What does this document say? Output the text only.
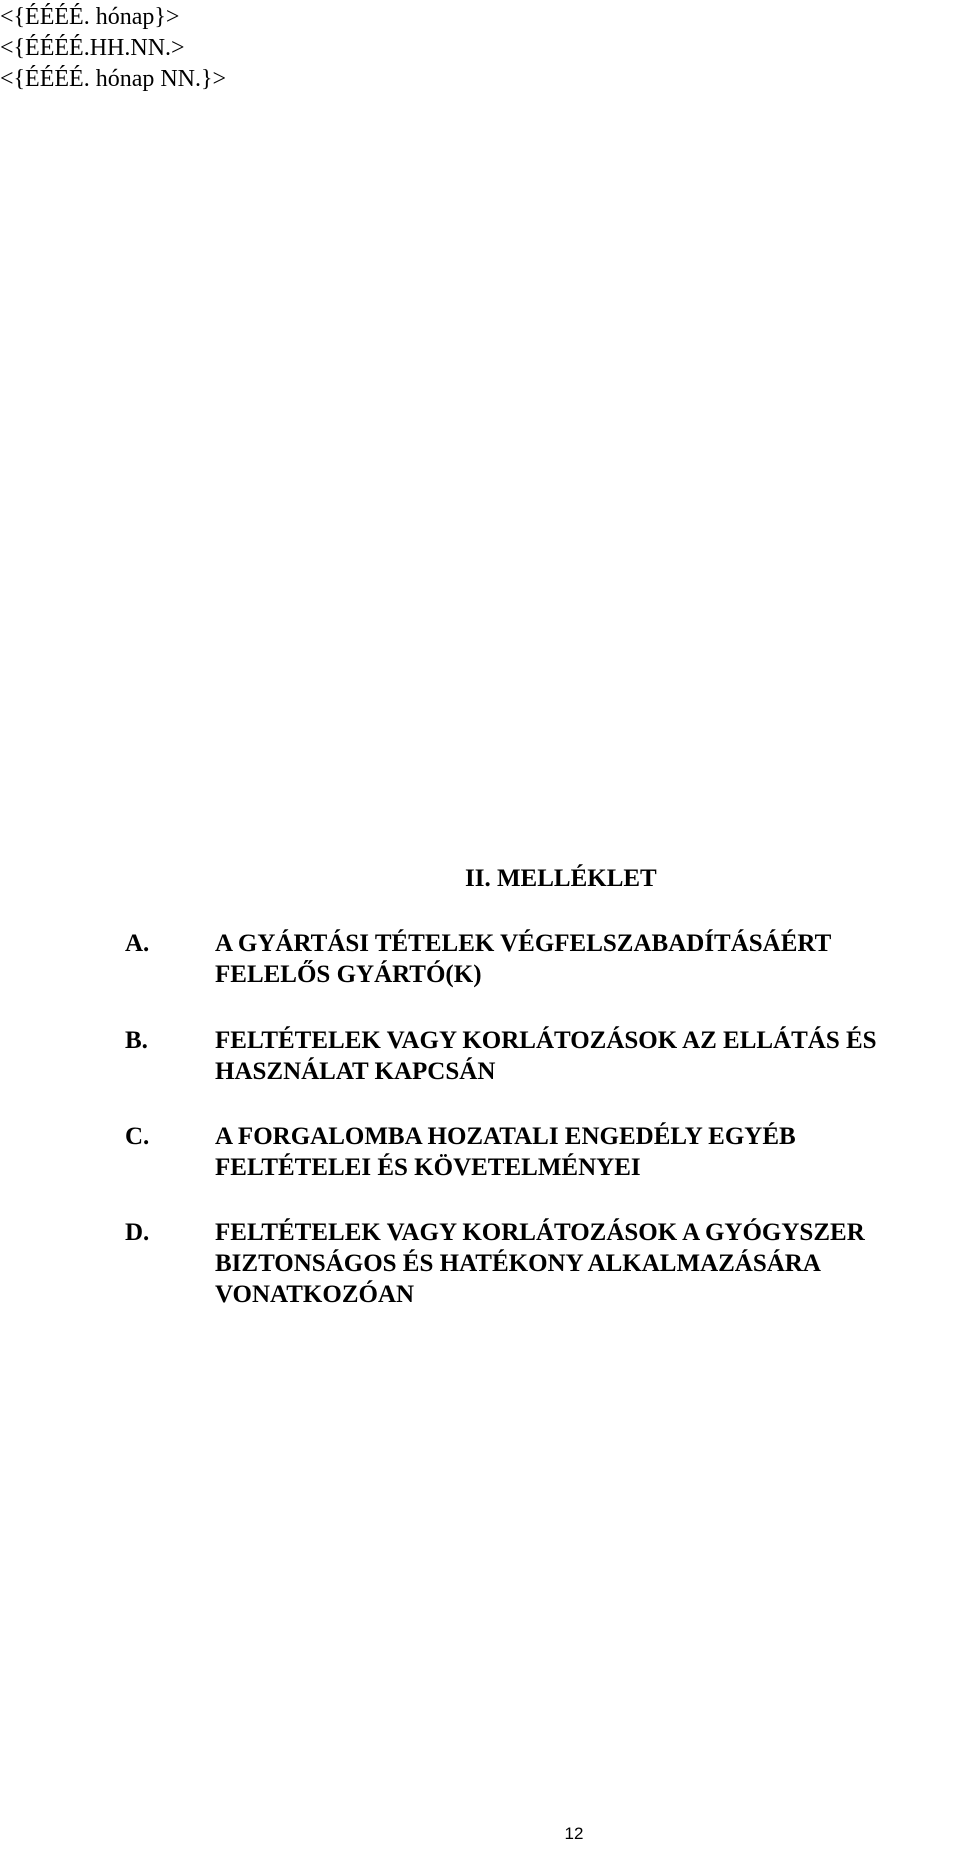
<{ÉÉÉÉ. hónap}>
<{ÉÉÉÉ.HH.NN.>
<{ÉÉÉÉ. hónap NN.}>
II. MELLÉKLET
A.	A GYÁRTÁSI TÉTELEK VÉGFELSZABADÍTÁSÁÉRT
FELELŐS GYÁRTÓ(K)
B.	FELTÉTELEK VAGY KORLÁTOZÁSOK AZ ELLÁTÁS ÉS
HASZNÁLAT KAPCSÁN
C.	A FORGALOMBA HOZATALI ENGEDÉLY EGYÉB
FELTÉTELEI ÉS KÖVETELMÉNYEI
D.	FELTÉTELEK VAGY KORLÁTOZÁSOK A GYÓGYSZER
BIZTONSÁGOS ÉS HATÉKONY ALKALMAZÁSÁRA
VONATKOZÓAN
12
